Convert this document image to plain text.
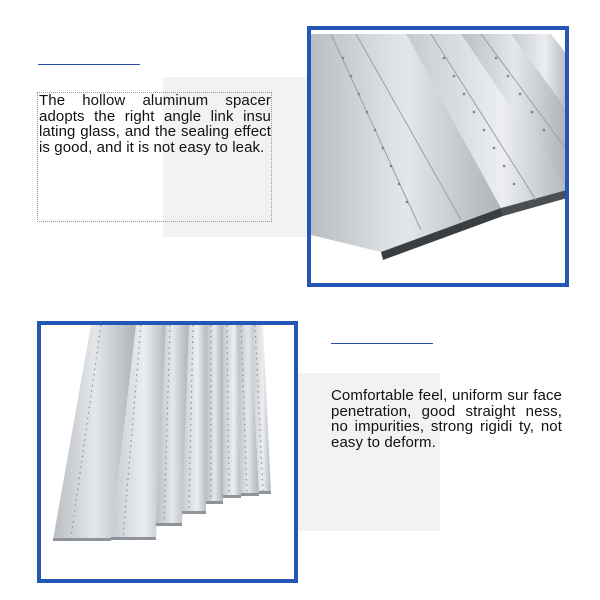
The hollow aluminum spacer adopts the right angle link insu lating glass, and the sealing effect is good, and it is not easy to leak.
Comfortable feel, uniform sur face penetration, good straight ness, no impurities, strong rigidi ty, not easy to deform.
